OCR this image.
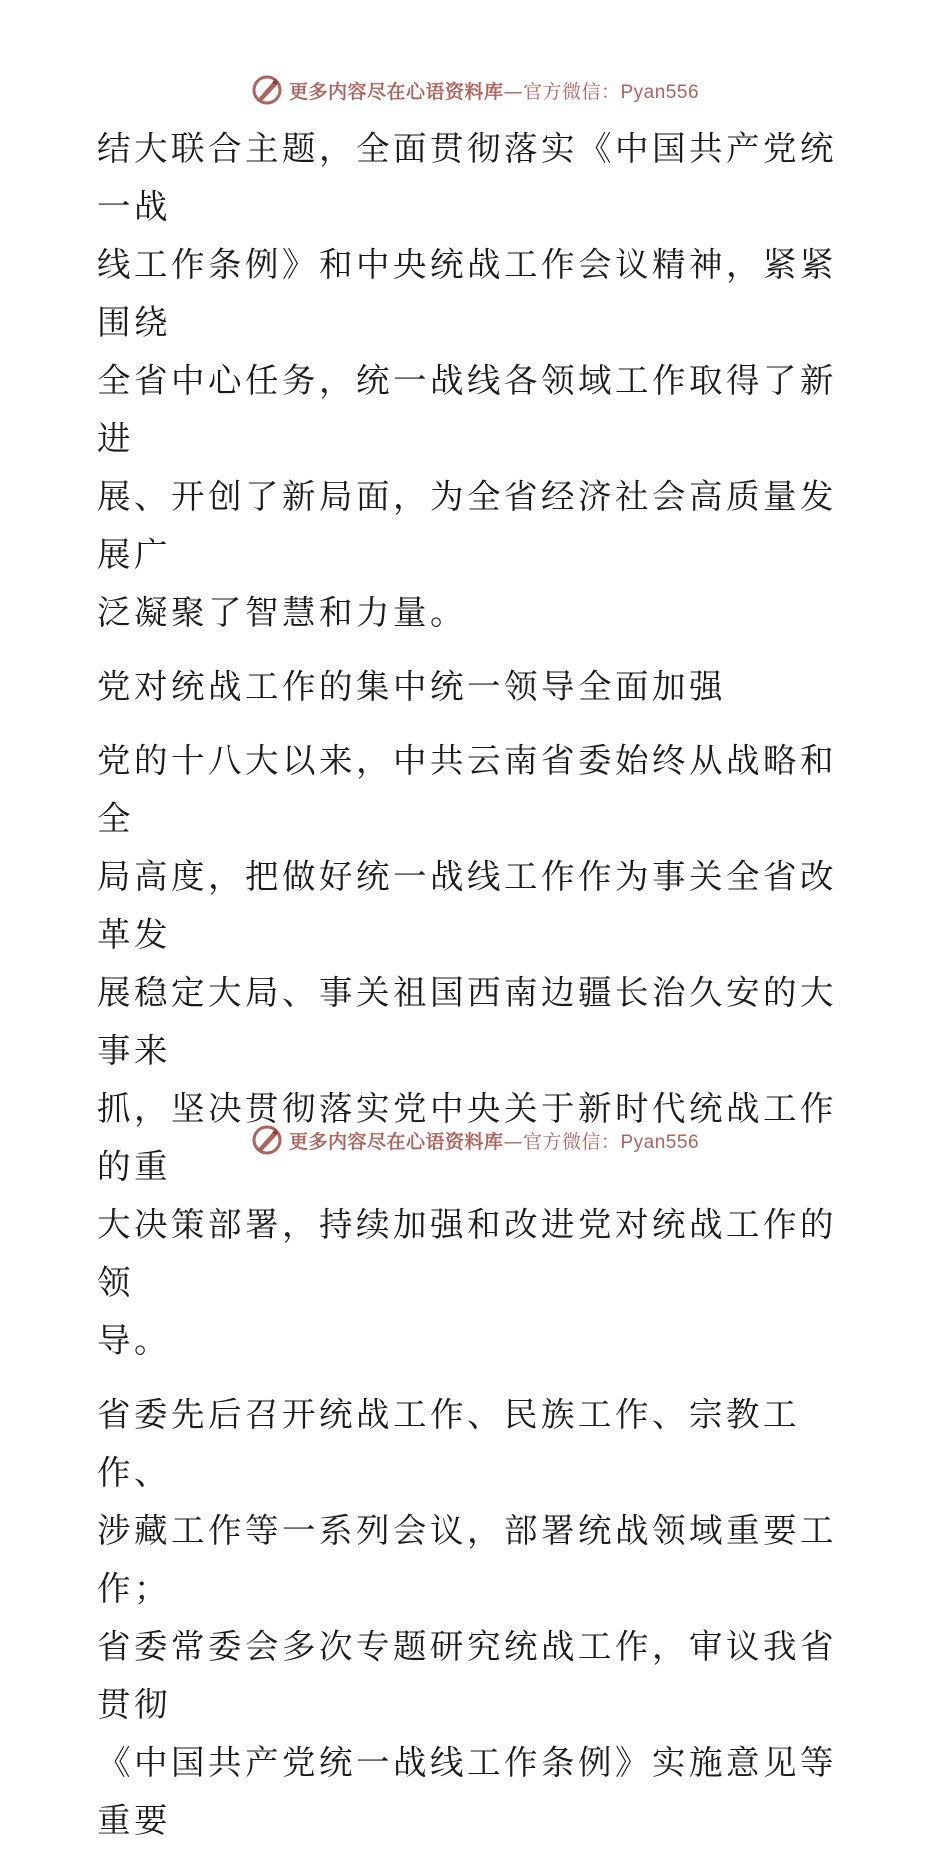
更多内容尽在心语资料库—官方微信：Pyan556

结大联合主题，全面贯彻落实《中国共产党统一战
线工作条例》和中央统战工作会议精神，紧紧围绕
全省中心任务，统一战线各领域工作取得了新进
展、开创了新局面，为全省经济社会高质量发展广
泛凝聚了智慧和力量。

党对统战工作的集中统一领导全面加强

党的十八大以来，中共云南省委始终从战略和全
局高度，把做好统一战线工作作为事关全省改革发
展稳定大局、事关祖国西南边疆长治久安的大事来
抓，坚决贯彻落实党中央关于新时代统战工作的重
大决策部署，持续加强和改进党对统战工作的领
导。

省委先后召开统战工作、民族工作、宗教工作、
涉藏工作等一系列会议，部署统战领域重要工作；
省委常委会多次专题研究统战工作，审议我省贯彻
《中国共产党统一战线工作条例》实施意见等重要

更多内容尽在心语资料库—官方微信：Pyan556
